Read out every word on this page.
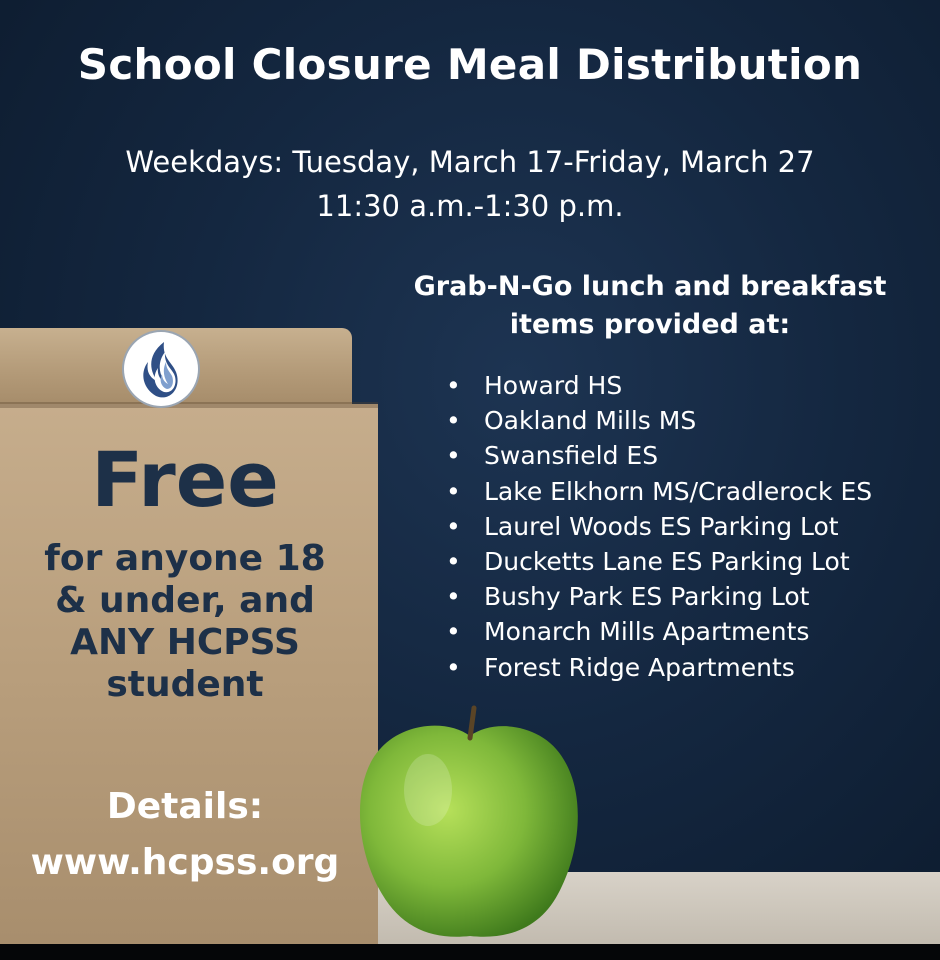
School Closure Meal Distribution
Weekdays: Tuesday, March 17-Friday, March 27
11:30 a.m.-1:30 p.m.
Grab-N-Go lunch and breakfast
items provided at:
• Howard HS
• Oakland Mills MS
• Swansfield ES
• Lake Elkhorn MS/Cradlerock ES
• Laurel Woods ES Parking Lot
• Ducketts Lane ES Parking Lot
• Bushy Park ES Parking Lot
• Monarch Mills Apartments
• Forest Ridge Apartments
Free
for anyone 18
& under, and
ANY HCPSS
student
Details:
www.hcpss.org
